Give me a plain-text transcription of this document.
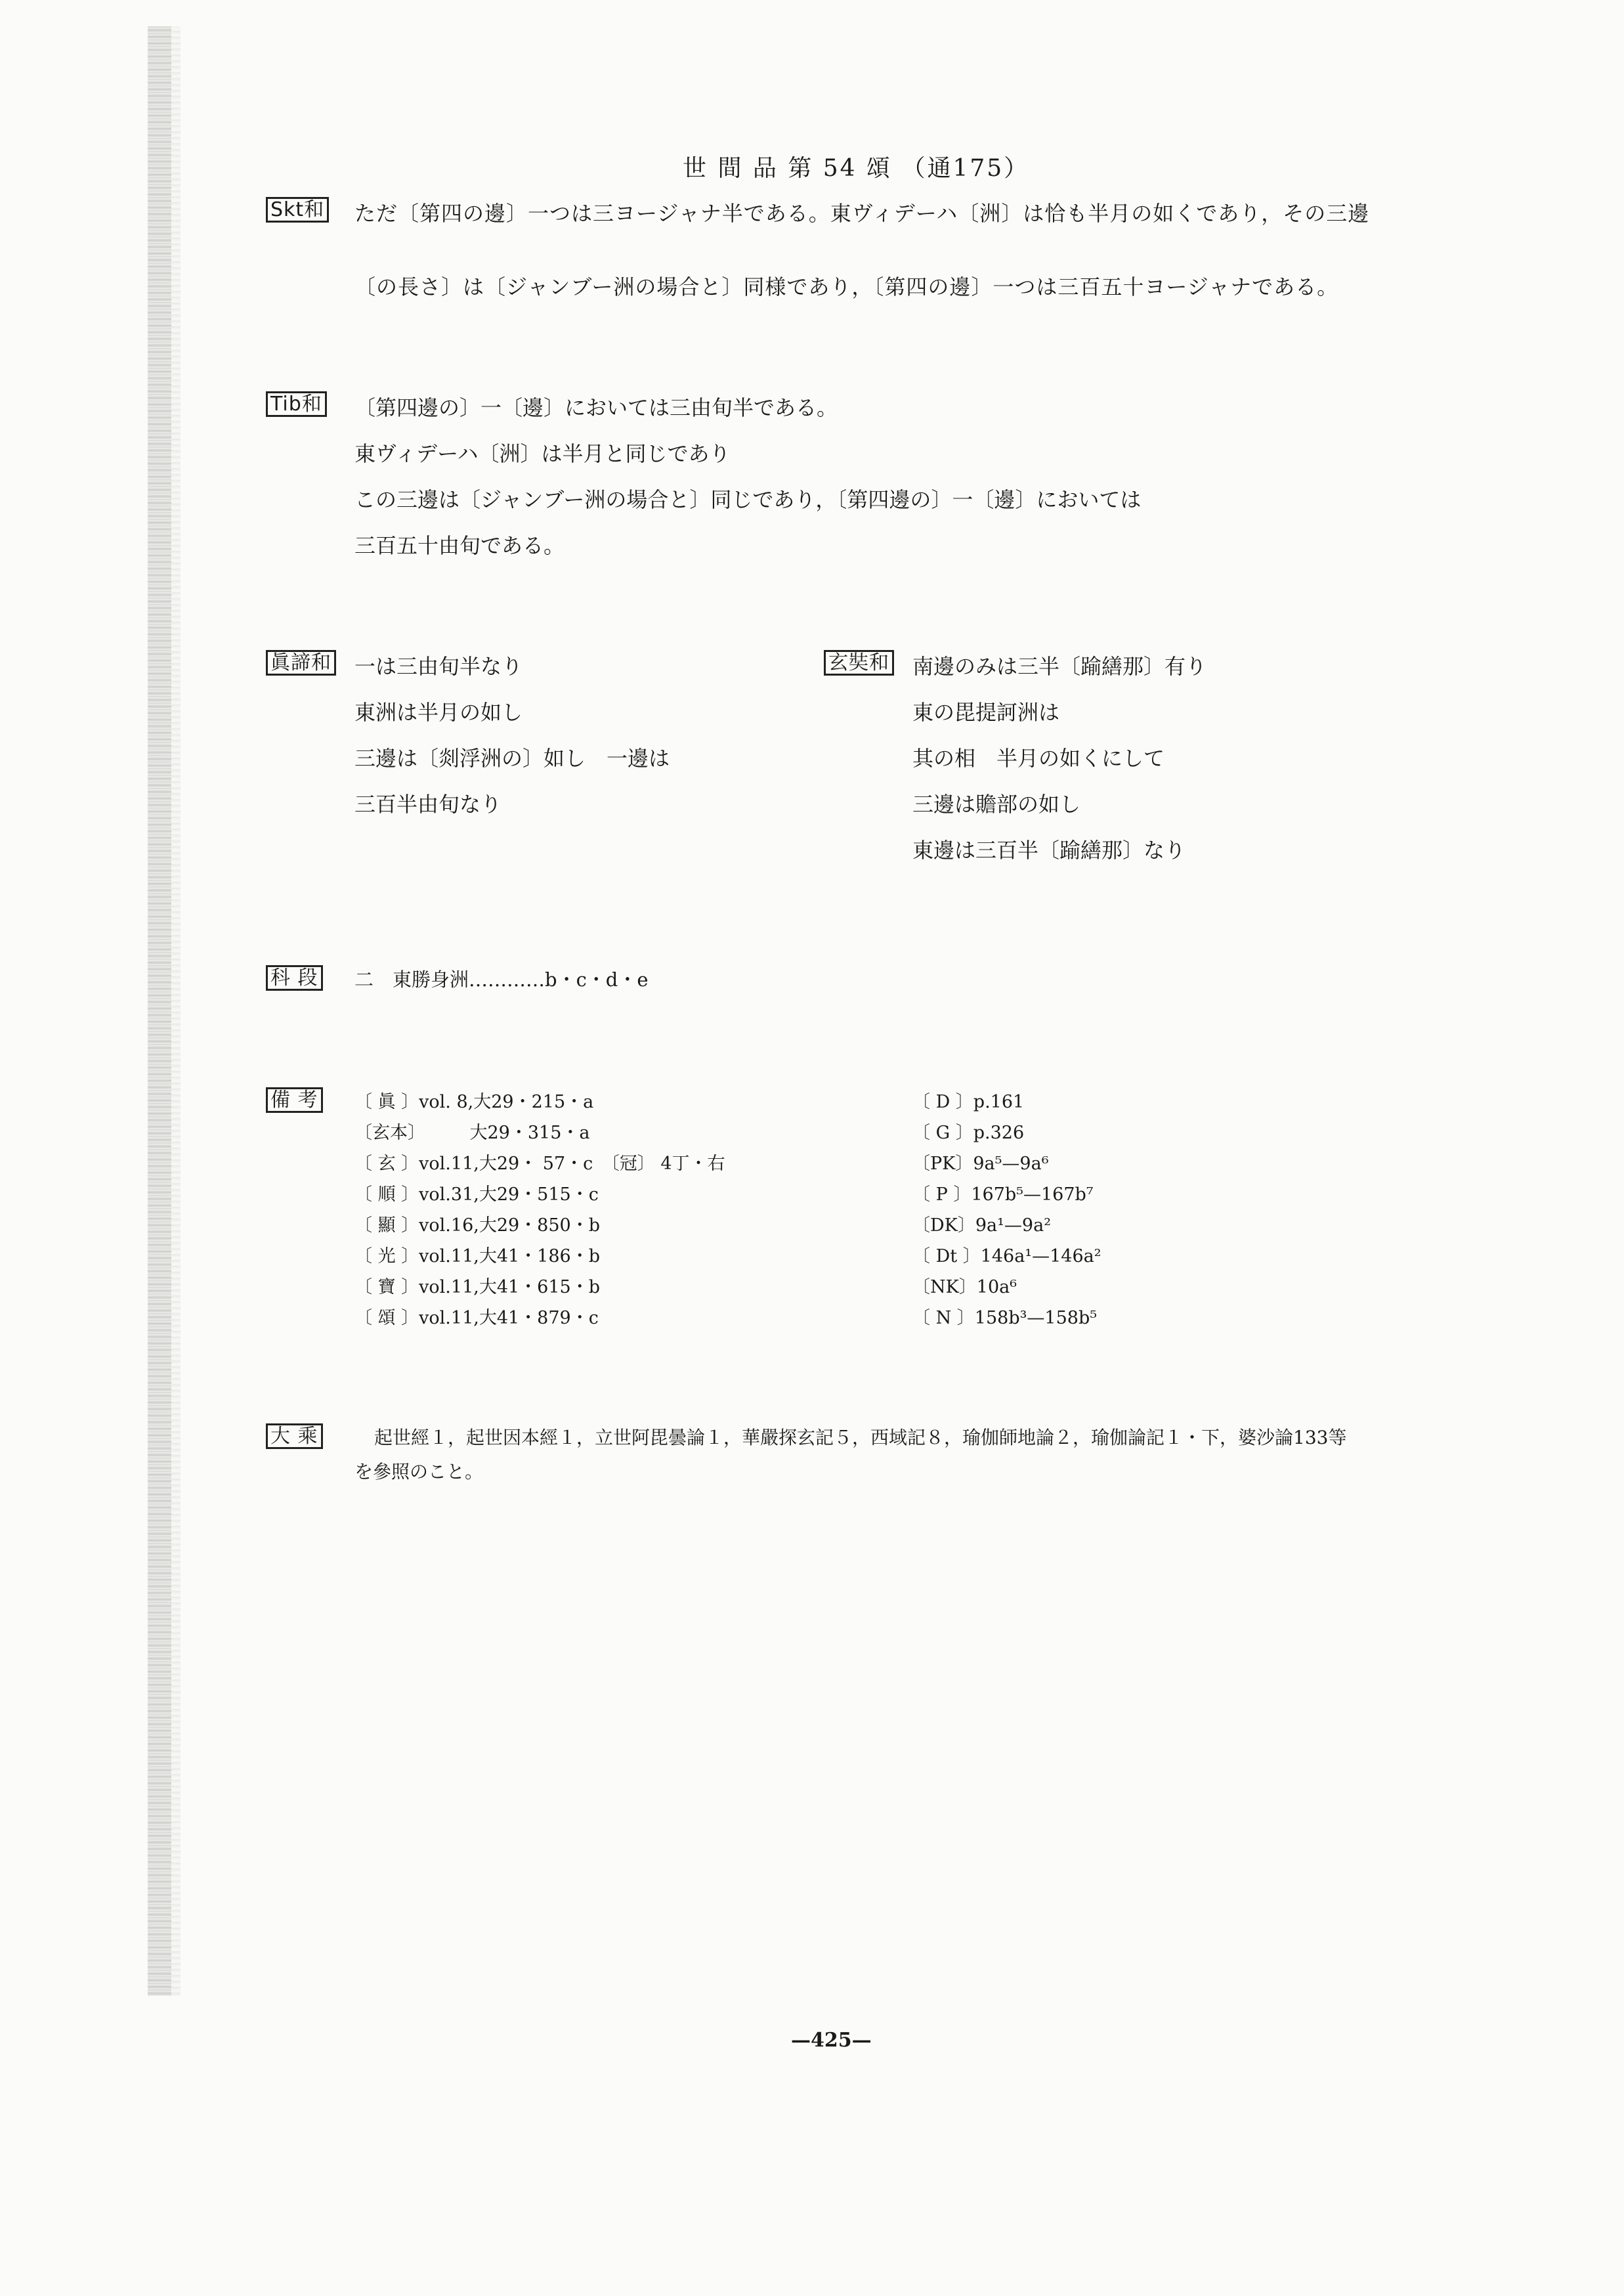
世 間 品 第 54 頌 （通175）
Skt和 ただ〔第四の邊〕一つは三ヨージャナ半である。東ヴィデーハ〔洲〕は恰も半月の如くであり，その三邊
〔の長さ〕は〔ジャンブー洲の場合と〕同様であり，〔第四の邊〕一つは三百五十ヨージャナである。
Tib和 〔第四邊の〕一〔邊〕においては三由旬半である。
東ヴィデーハ〔洲〕は半月と同じであり
この三邊は〔ジャンブー洲の場合と〕同じであり，〔第四邊の〕一〔邊〕においては
三百五十由旬である。
眞諦和 一は三由旬半なり
東洲は半月の如し
三邊は〔剡浮洲の〕如し　一邊は
三百半由旬なり
玄奘和 南邊のみは三半〔踰繕那〕有り
東の毘提訶洲は
其の相　半月の如くにして
三邊は贍部の如し
東邊は三百半〔踰繕那〕なり
科 段 二　東勝身洲…………b・c・d・e
備 考 〔 眞 〕vol. 8,大29・215・a
〔玄本〕　　　大29・315・a
〔 玄 〕vol.11,大29・ 57・c　〔冠〕 4丁・右
〔 順 〕vol.31,大29・515・c
〔 顯 〕vol.16,大29・850・b
〔 光 〕vol.11,大41・186・b
〔 寶 〕vol.11,大41・615・b
〔 頌 〕vol.11,大41・879・c
〔 D 〕p.161
〔 G 〕p.326
〔PK〕9a⁵—9a⁶
〔 P 〕167b⁵—167b⁷
〔DK〕9a¹—9a²
〔 Dt 〕146a¹—146a²
〔NK〕10a⁶
〔 N 〕158b³—158b⁵
大 乘	起世經１，起世因本經１，立世阿毘曇論１，華嚴探玄記５，西域記８，瑜伽師地論２，瑜伽論記１・下，婆沙論133等
を參照のこと。
—425—
